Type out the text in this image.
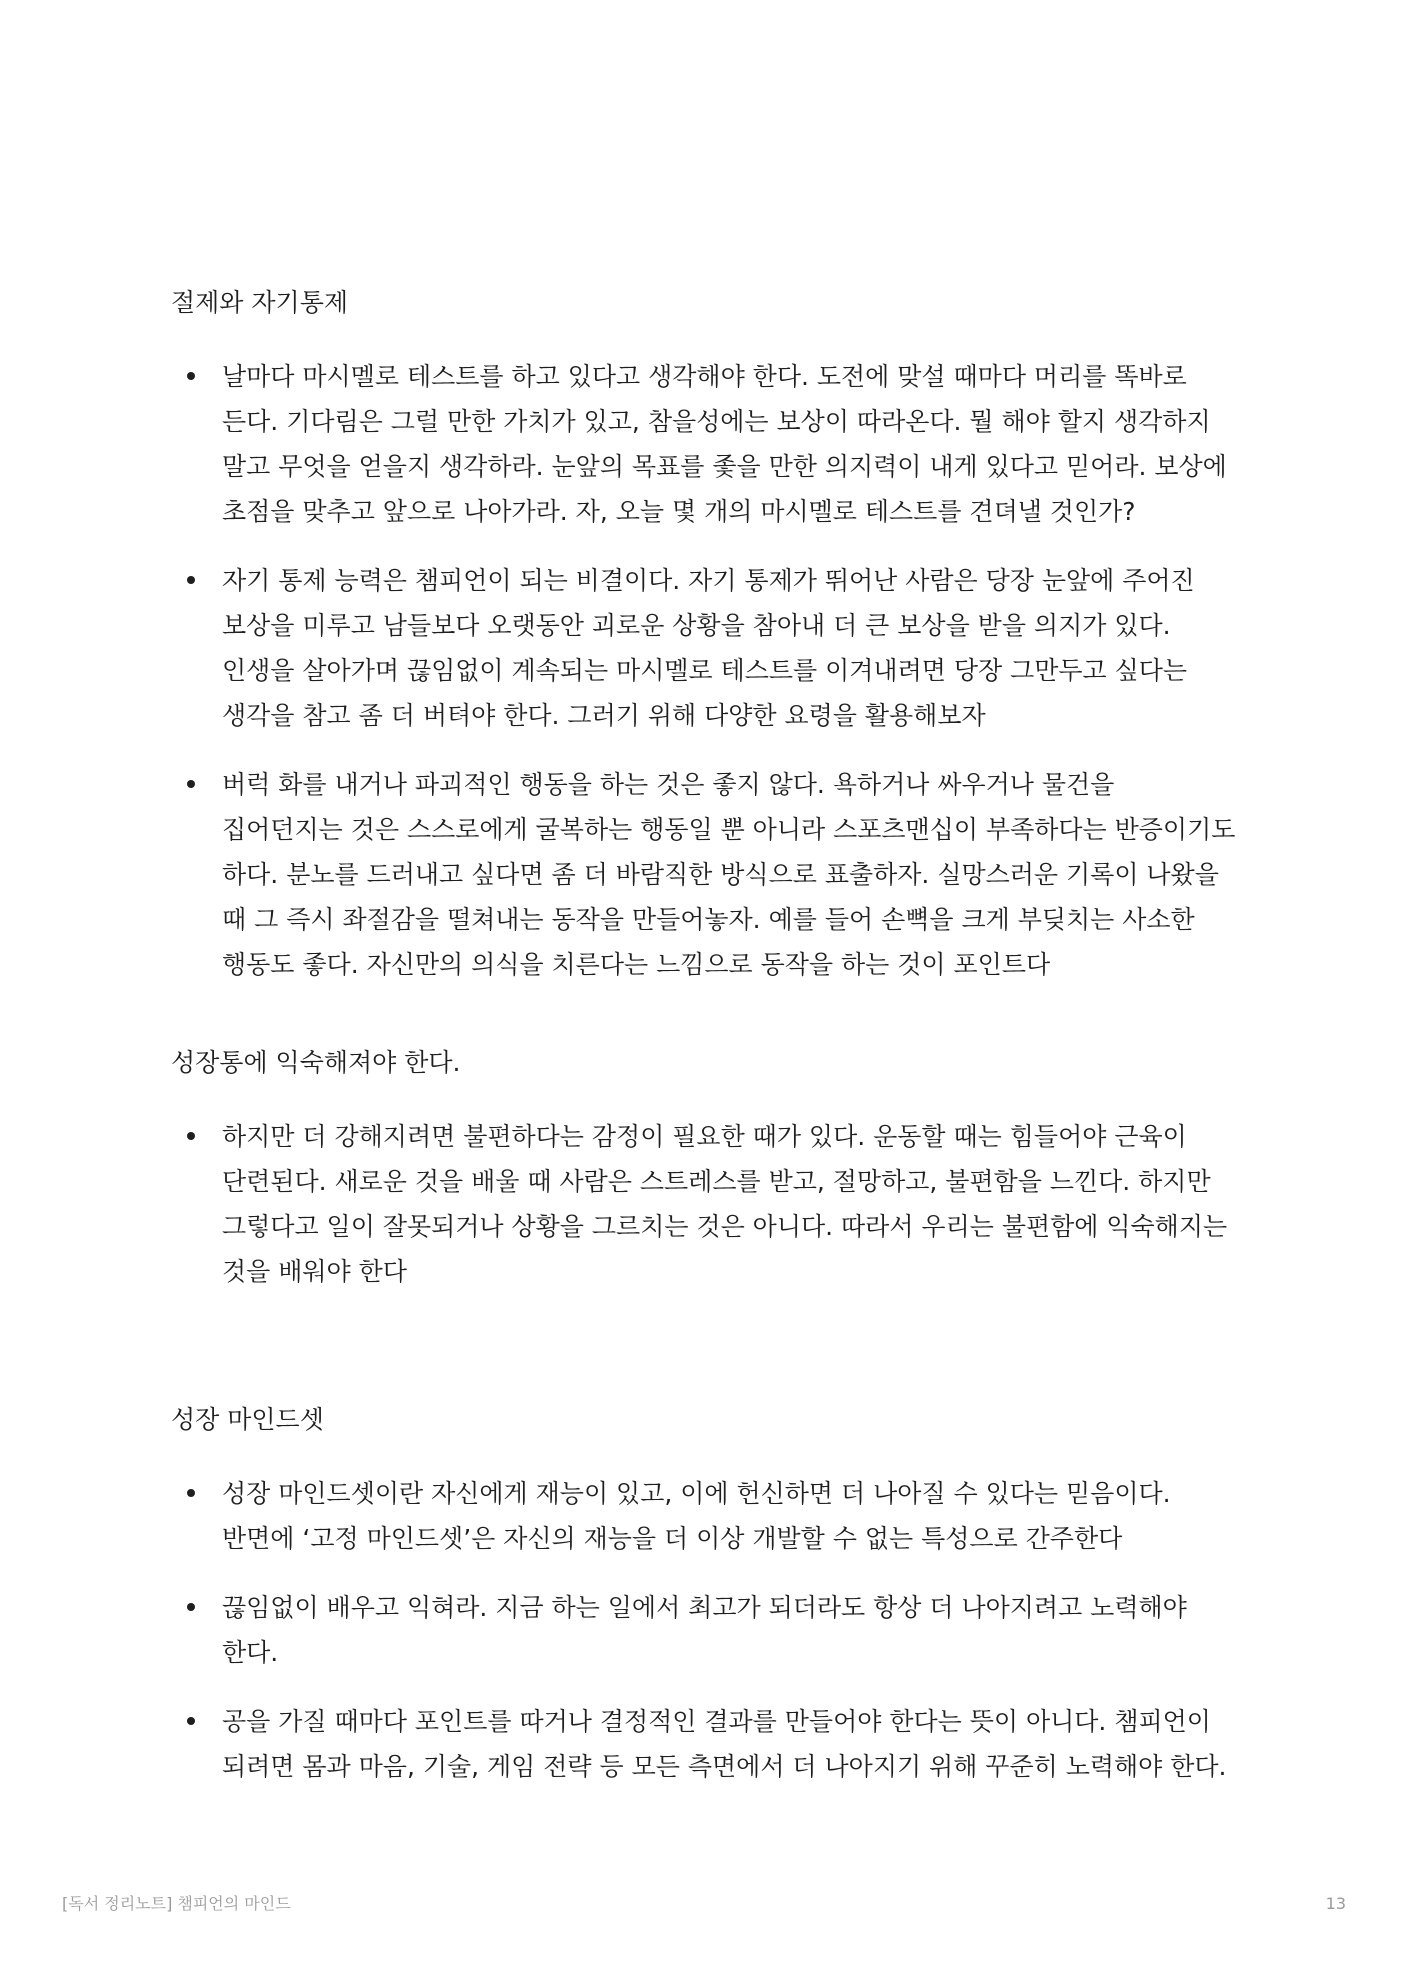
절제와 자기통제
날마다 마시멜로 테스트를 하고 있다고 생각해야 한다. 도전에 맞설 때마다 머리를 똑바로 든다. 기다림은 그럴 만한 가치가 있고, 참을성에는 보상이 따라온다. 뭘 해야 할지 생각하지 말고 무엇을 얻을지 생각하라. 눈앞의 목표를 좇을 만한 의지력이 내게 있다고 믿어라. 보상에 초점을 맞추고 앞으로 나아가라. 자, 오늘 몇 개의 마시멜로 테스트를 견뎌낼 것인가?
자기 통제 능력은 챔피언이 되는 비결이다. 자기 통제가 뛰어난 사람은 당장 눈앞에 주어진 보상을 미루고 남들보다 오랫동안 괴로운 상황을 참아내 더 큰 보상을 받을 의지가 있다. 인생을 살아가며 끊임없이 계속되는 마시멜로 테스트를 이겨내려면 당장 그만두고 싶다는 생각을 참고 좀 더 버텨야 한다. 그러기 위해 다양한 요령을 활용해보자
버럭 화를 내거나 파괴적인 행동을 하는 것은 좋지 않다. 욕하거나 싸우거나 물건을 집어던지는 것은 스스로에게 굴복하는 행동일 뿐 아니라 스포츠맨십이 부족하다는 반증이기도 하다. 분노를 드러내고 싶다면 좀 더 바람직한 방식으로 표출하자. 실망스러운 기록이 나왔을 때 그 즉시 좌절감을 떨쳐내는 동작을 만들어놓자. 예를 들어 손뼉을 크게 부딪치는 사소한 행동도 좋다. 자신만의 의식을 치른다는 느낌으로 동작을 하는 것이 포인트다
성장통에 익숙해져야 한다.
하지만 더 강해지려면 불편하다는 감정이 필요한 때가 있다. 운동할 때는 힘들어야 근육이 단련된다. 새로운 것을 배울 때 사람은 스트레스를 받고, 절망하고, 불편함을 느낀다. 하지만 그렇다고 일이 잘못되거나 상황을 그르치는 것은 아니다. 따라서 우리는 불편함에 익숙해지는 것을 배워야 한다
성장 마인드셋
성장 마인드셋이란 자신에게 재능이 있고, 이에 헌신하면 더 나아질 수 있다는 믿음이다. 반면에 ‘고정 마인드셋’은 자신의 재능을 더 이상 개발할 수 없는 특성으로 간주한다
끊임없이 배우고 익혀라. 지금 하는 일에서 최고가 되더라도 항상 더 나아지려고 노력해야 한다.
공을 가질 때마다 포인트를 따거나 결정적인 결과를 만들어야 한다는 뜻이 아니다. 챔피언이 되려면 몸과 마음, 기술, 게임 전략 등 모든 측면에서 더 나아지기 위해 꾸준히 노력해야 한다.
[독서 정리노트] 챔피언의 마인드	13
